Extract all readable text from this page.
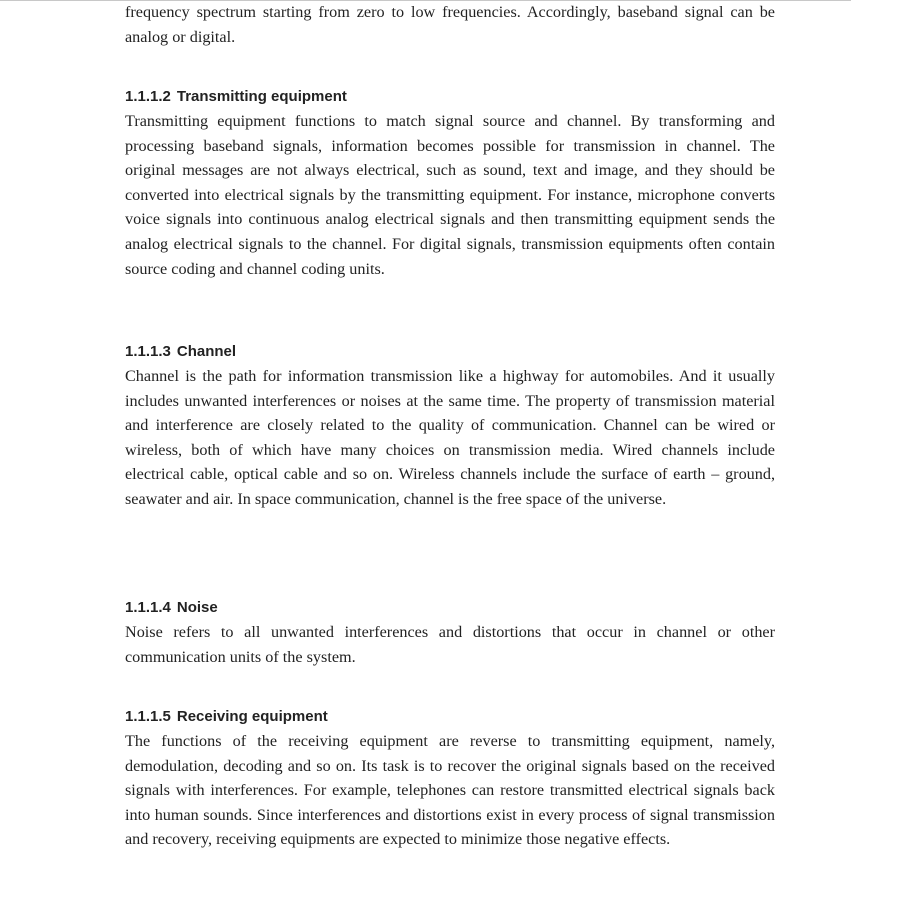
frequency spectrum starting from zero to low frequencies. Accordingly, baseband signal can be analog or digital.

1.1.1.2 Transmitting equipment

Transmitting equipment functions to match signal source and channel. By transforming and processing baseband signals, information becomes possible for transmission in channel. The original messages are not always electrical, such as sound, text and image, and they should be converted into electrical signals by the transmitting equipment. For instance, microphone converts voice signals into continuous analog electrical signals and then transmitting equipment sends the analog electrical signals to the channel. For digital signals, transmission equipments often contain source coding and channel coding units.

1.1.1.3 Channel

Channel is the path for information transmission like a highway for automobiles. And it usually includes unwanted interferences or noises at the same time. The property of transmission material and interference are closely related to the quality of communication. Channel can be wired or wireless, both of which have many choices on transmission media. Wired channels include electrical cable, optical cable and so on. Wireless channels include the surface of earth – ground, seawater and air. In space communication, channel is the free space of the universe.

1.1.1.4 Noise

Noise refers to all unwanted interferences and distortions that occur in channel or other communication units of the system.

1.1.1.5 Receiving equipment

The functions of the receiving equipment are reverse to transmitting equipment, namely, demodulation, decoding and so on. Its task is to recover the original signals based on the received signals with interferences. For example, telephones can restore transmitted electrical signals back into human sounds. Since interferences and distortions exist in every process of signal transmission and recovery, receiving equipments are expected to minimize those negative effects.
